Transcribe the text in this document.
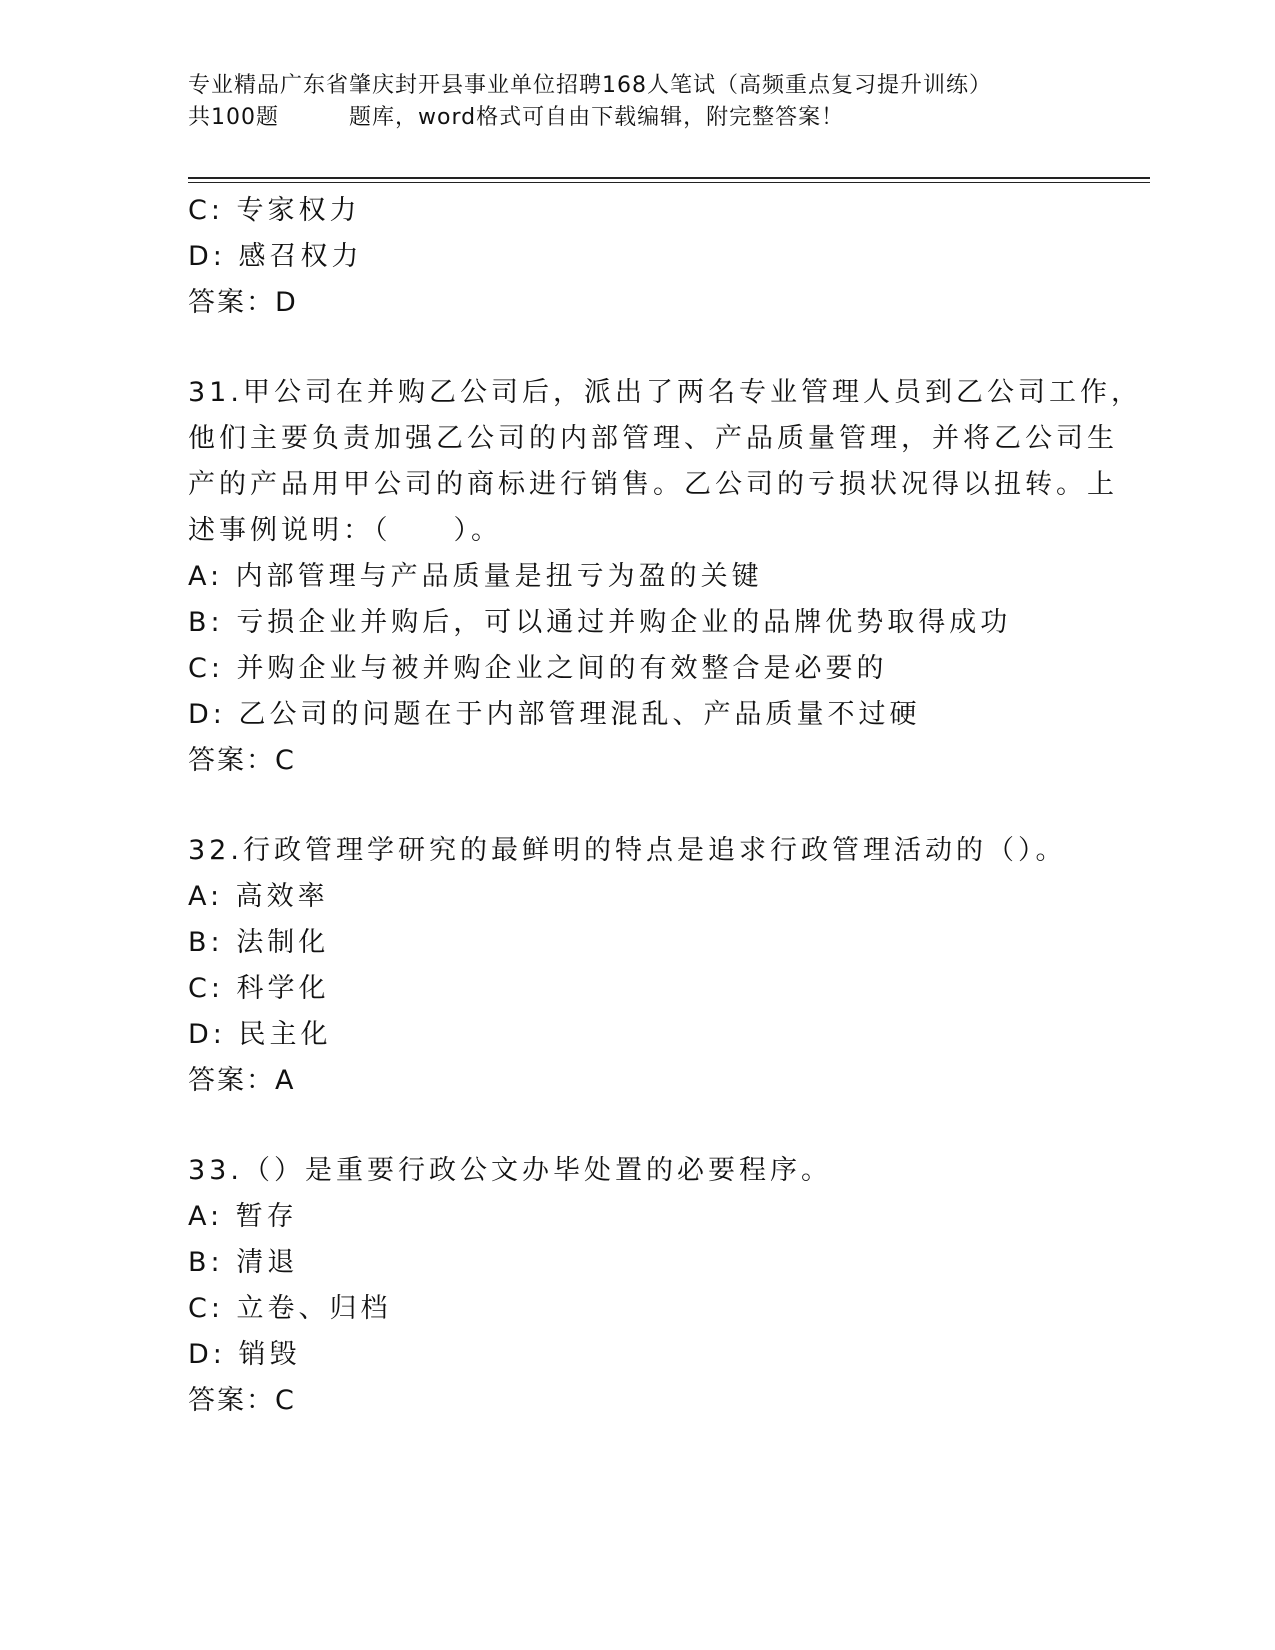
专业精品广东省肇庆封开县事业单位招聘168人笔试（高频重点复习提升训练）
共100题	题库，word格式可自由下载编辑，附完整答案！
C: 专家权力
D: 感召权力
答案：D
31.甲公司在并购乙公司后，派出了两名专业管理人员到乙公司工作，
他们主要负责加强乙公司的内部管理、产品质量管理，并将乙公司生
产的产品用甲公司的商标进行销售。乙公司的亏损状况得以扭转。上
述事例说明：（　　）。
A: 内部管理与产品质量是扭亏为盈的关键
B: 亏损企业并购后，可以通过并购企业的品牌优势取得成功
C: 并购企业与被并购企业之间的有效整合是必要的
D: 乙公司的问题在于内部管理混乱、产品质量不过硬
答案：C
32.行政管理学研究的最鲜明的特点是追求行政管理活动的（）。
A: 高效率
B: 法制化
C: 科学化
D: 民主化
答案：A
33.（）是重要行政公文办毕处置的必要程序。
A: 暂存
B: 清退
C: 立卷、归档
D: 销毁
答案：C
